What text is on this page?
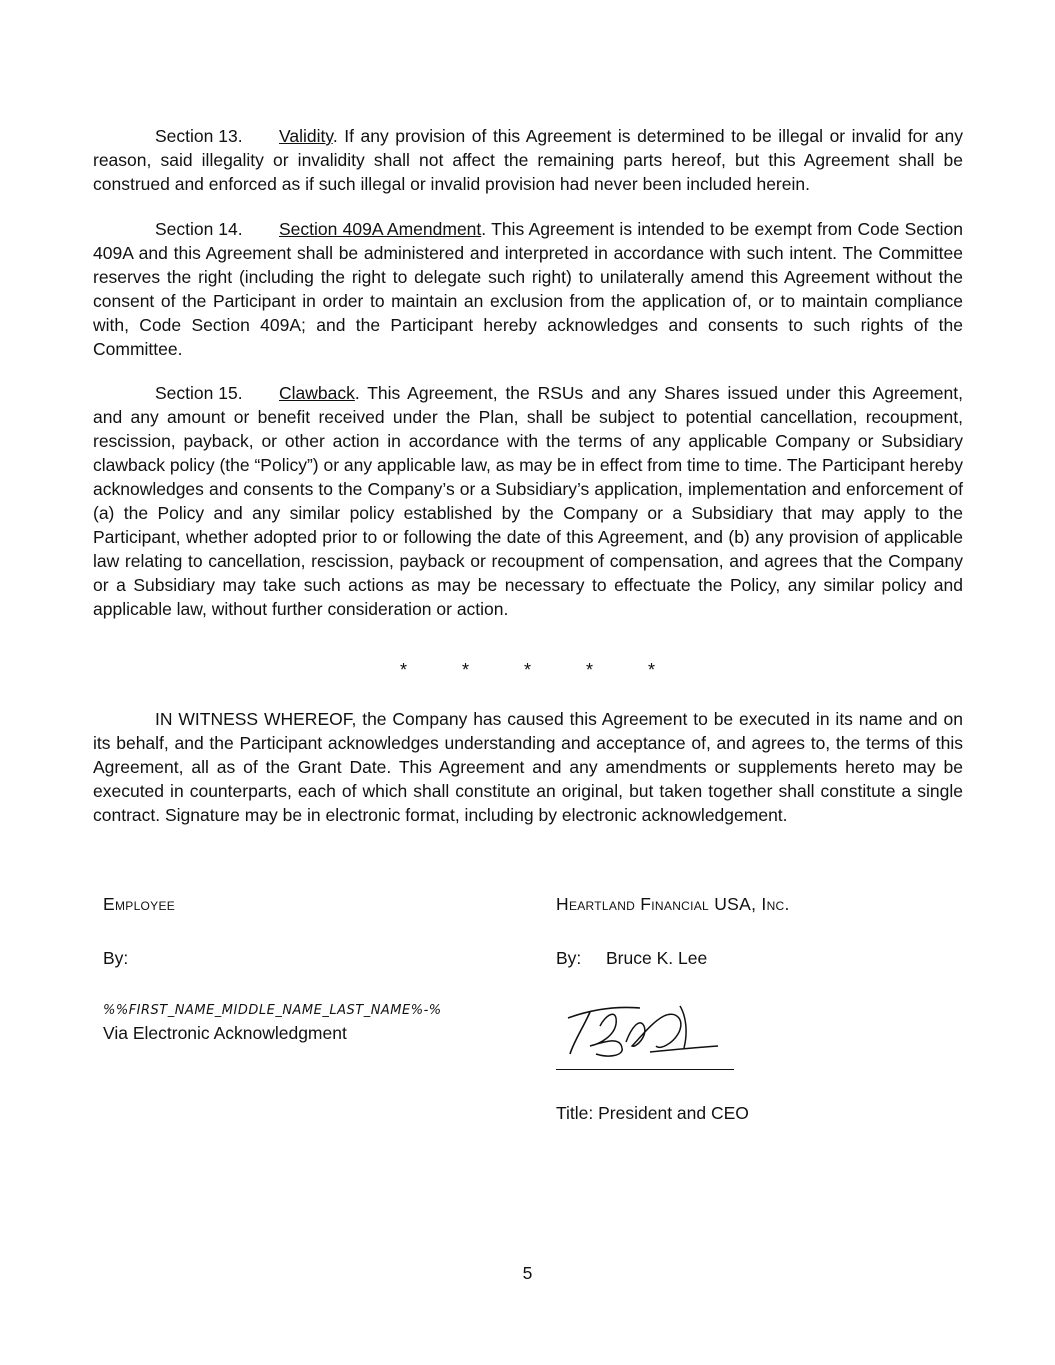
Section 13. Validity. If any provision of this Agreement is determined to be illegal or invalid for any reason, said illegality or invalidity shall not affect the remaining parts hereof, but this Agreement shall be construed and enforced as if such illegal or invalid provision had never been included herein.

Section 14. Section 409A Amendment. This Agreement is intended to be exempt from Code Section 409A and this Agreement shall be administered and interpreted in accordance with such intent. The Committee reserves the right (including the right to delegate such right) to unilaterally amend this Agreement without the consent of the Participant in order to maintain an exclusion from the application of, or to maintain compliance with, Code Section 409A; and the Participant hereby acknowledges and consents to such rights of the Committee.

Section 15. Clawback. This Agreement, the RSUs and any Shares issued under this Agreement, and any amount or benefit received under the Plan, shall be subject to potential cancellation, recoupment, rescission, payback, or other action in accordance with the terms of any applicable Company or Subsidiary clawback policy (the “Policy”) or any applicable law, as may be in effect from time to time. The Participant hereby acknowledges and consents to the Company’s or a Subsidiary’s application, implementation and enforcement of (a) the Policy and any similar policy established by the Company or a Subsidiary that may apply to the Participant, whether adopted prior to or following the date of this Agreement, and (b) any provision of applicable law relating to cancellation, rescission, payback or recoupment of compensation, and agrees that the Company or a Subsidiary may take such actions as may be necessary to effectuate the Policy, any similar policy and applicable law, without further consideration or action.

*	*	*	*	*

IN WITNESS WHEREOF, the Company has caused this Agreement to be executed in its name and on its behalf, and the Participant acknowledges understanding and acceptance of, and agrees to, the terms of this Agreement, all as of the Grant Date. This Agreement and any amendments or supplements hereto may be executed in counterparts, each of which shall constitute an original, but taken together shall constitute a single contract. Signature may be in electronic format, including by electronic acknowledgement.

Employee
By:
%%FIRST_NAME_MIDDLE_NAME_LAST_NAME%-%
Via Electronic Acknowledgment
Heartland Financial USA, Inc.
By: Bruce K. Lee
Title: President and CEO
5
